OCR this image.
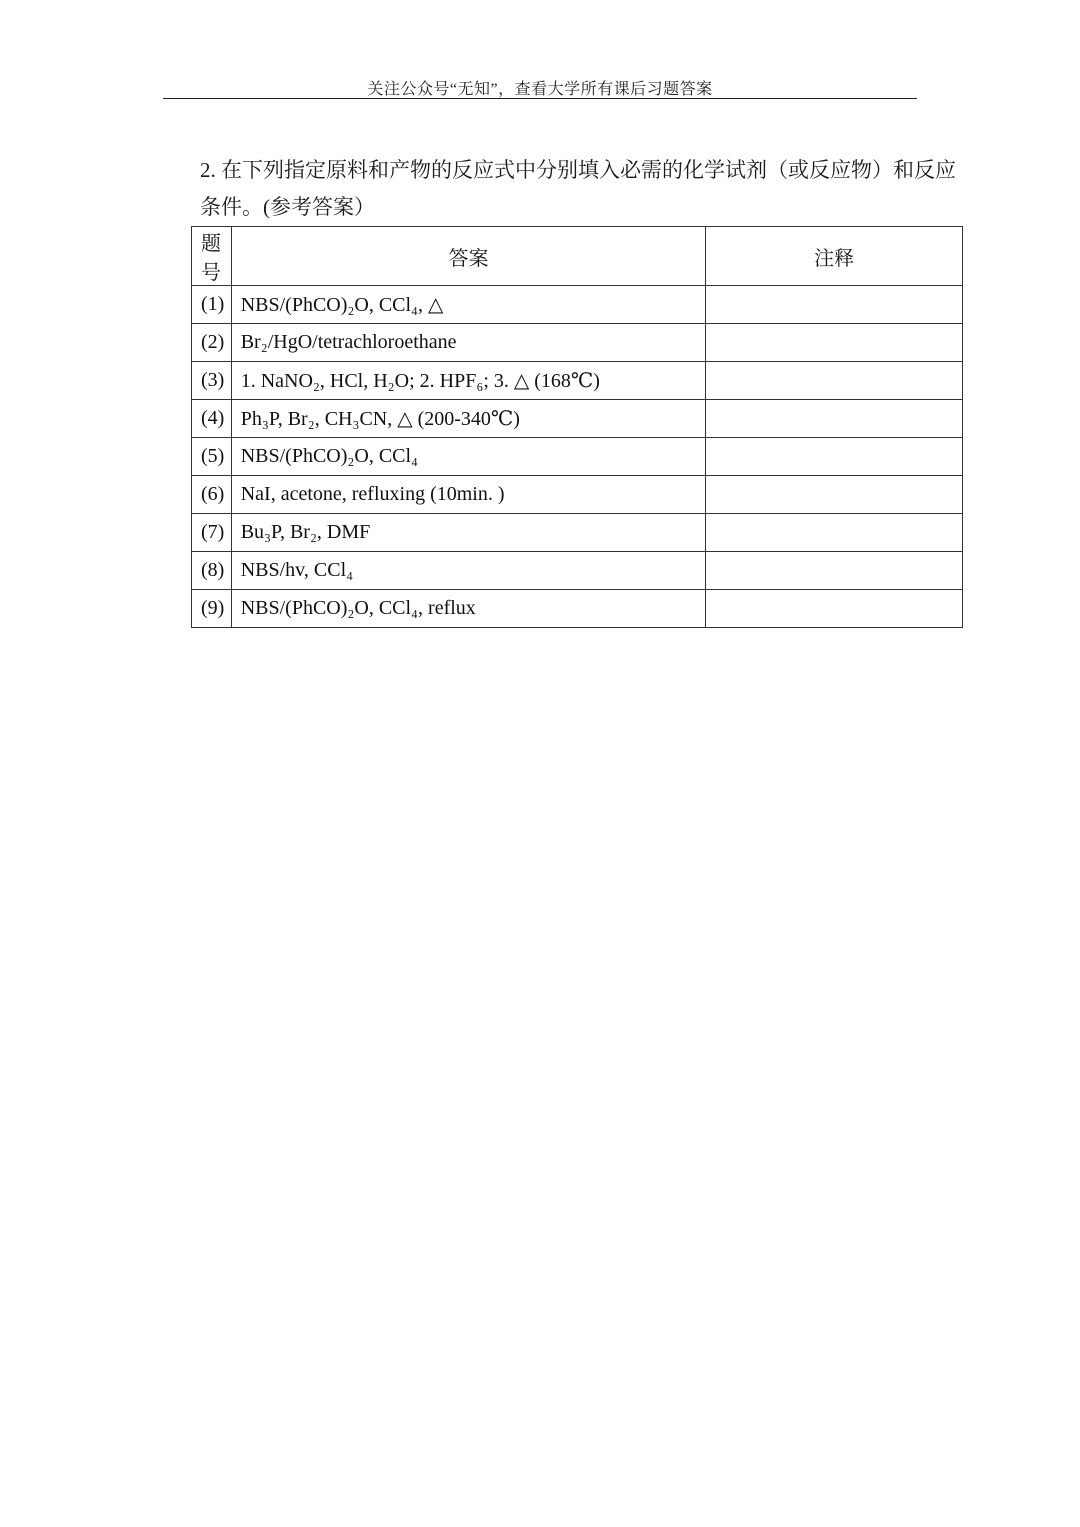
关注公众号“无知”，查看大学所有课后习题答案
2. 在下列指定原料和产物的反应式中分别填入必需的化学试剂（或反应物）和反应条件。(参考答案）
题号	答案	注释
(1)	NBS/(PhCO)₂O, CCl₄, △	
(2)	Br₂/HgO/tetrachloroethane	
(3)	1. NaNO₂, HCl, H₂O; 2. HPF₆; 3. △ (168℃)	
(4)	Ph₃P, Br₂, CH₃CN, △ (200-340℃)	
(5)	NBS/(PhCO)₂O, CCl₄	
(6)	NaI, acetone, refluxing (10min. )	
(7)	Bu₃P, Br₂, DMF	
(8)	NBS/hv, CCl₄	
(9)	NBS/(PhCO)₂O, CCl₄, reflux	
